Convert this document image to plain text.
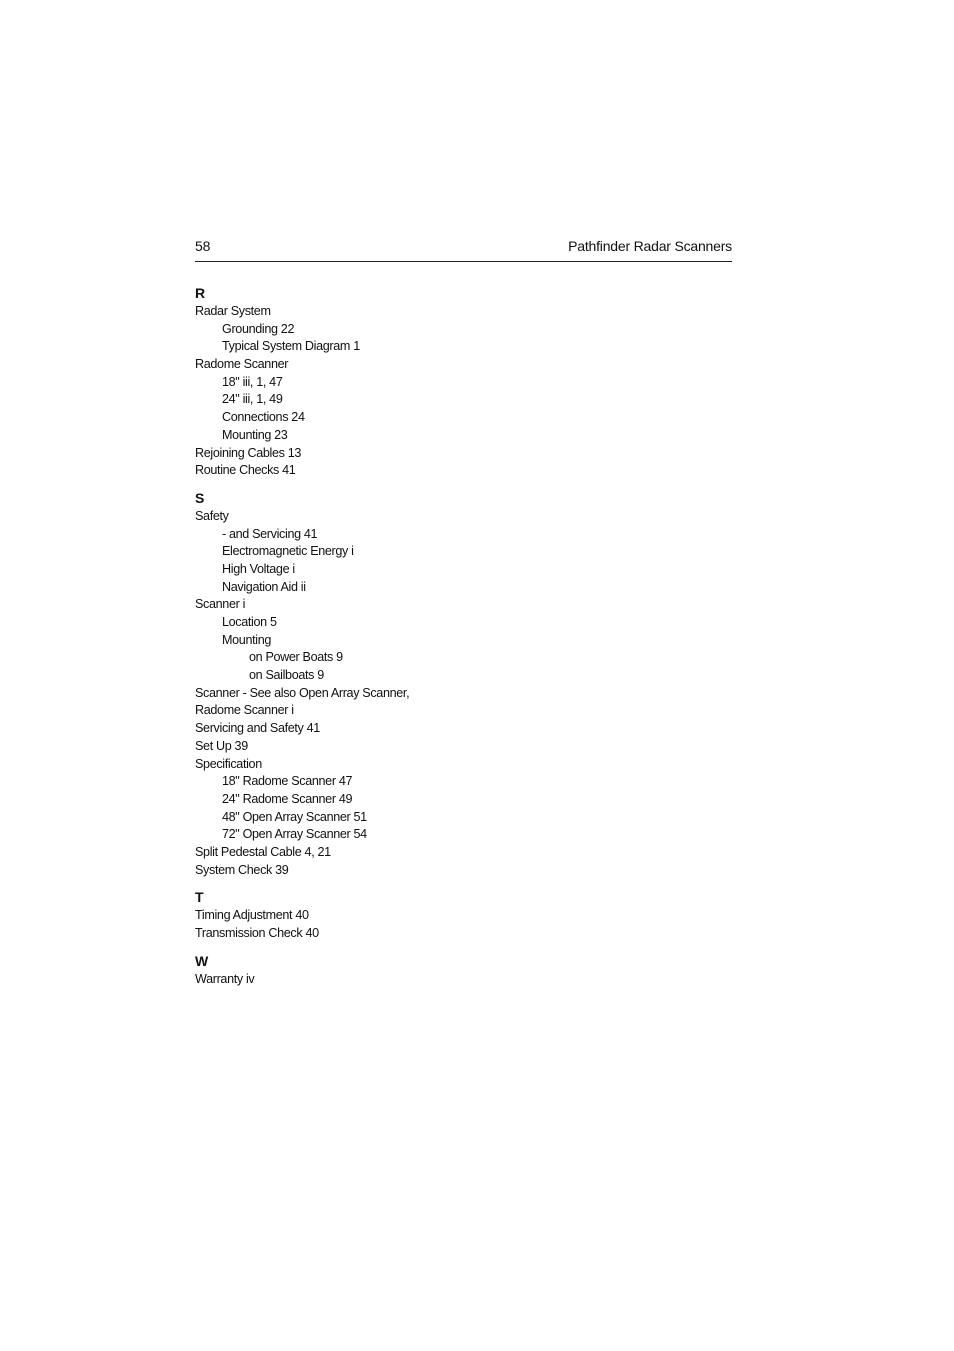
58	Pathfinder Radar Scanners
R
Radar System
Grounding 22
Typical System Diagram 1
Radome Scanner
18" iii, 1, 47
24" iii, 1, 49
Connections 24
Mounting 23
Rejoining Cables 13
Routine Checks 41
S
Safety
- and Servicing 41
Electromagnetic Energy i
High Voltage i
Navigation Aid ii
Scanner i
Location 5
Mounting
on Power Boats 9
on Sailboats 9
Scanner - See also Open Array Scanner,
Radome Scanner i
Servicing and Safety 41
Set Up 39
Specification
18" Radome Scanner 47
24" Radome Scanner 49
48" Open Array Scanner 51
72" Open Array Scanner 54
Split Pedestal Cable 4, 21
System Check 39
T
Timing Adjustment 40
Transmission Check 40
W
Warranty iv
